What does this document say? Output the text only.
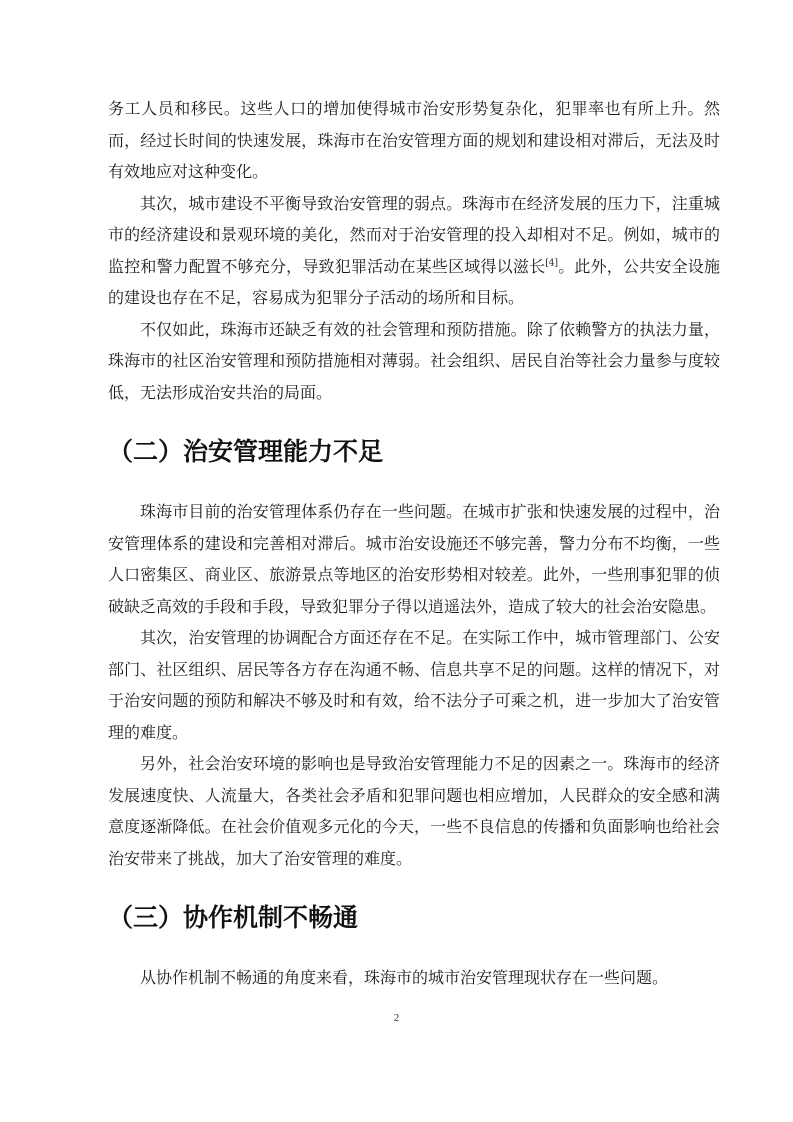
务工人员和移民。这些人口的增加使得城市治安形势复杂化，犯罪率也有所上升。然而，经过长时间的快速发展，珠海市在治安管理方面的规划和建设相对滞后，无法及时有效地应对这种变化。

其次，城市建设不平衡导致治安管理的弱点。珠海市在经济发展的压力下，注重城市的经济建设和景观环境的美化，然而对于治安管理的投入却相对不足。例如，城市的监控和警力配置不够充分，导致犯罪活动在某些区域得以滋长[4]。此外，公共安全设施的建设也存在不足，容易成为犯罪分子活动的场所和目标。

不仅如此，珠海市还缺乏有效的社会管理和预防措施。除了依赖警方的执法力量，珠海市的社区治安管理和预防措施相对薄弱。社会组织、居民自治等社会力量参与度较低，无法形成治安共治的局面。

（二）治安管理能力不足

珠海市目前的治安管理体系仍存在一些问题。在城市扩张和快速发展的过程中，治安管理体系的建设和完善相对滞后。城市治安设施还不够完善，警力分布不均衡，一些人口密集区、商业区、旅游景点等地区的治安形势相对较差。此外，一些刑事犯罪的侦破缺乏高效的手段和手段，导致犯罪分子得以逍遥法外，造成了较大的社会治安隐患。

其次，治安管理的协调配合方面还存在不足。在实际工作中，城市管理部门、公安部门、社区组织、居民等各方存在沟通不畅、信息共享不足的问题。这样的情况下，对于治安问题的预防和解决不够及时和有效，给不法分子可乘之机，进一步加大了治安管理的难度。

另外，社会治安环境的影响也是导致治安管理能力不足的因素之一。珠海市的经济发展速度快、人流量大，各类社会矛盾和犯罪问题也相应增加，人民群众的安全感和满意度逐渐降低。在社会价值观多元化的今天，一些不良信息的传播和负面影响也给社会治安带来了挑战，加大了治安管理的难度。

（三）协作机制不畅通

从协作机制不畅通的角度来看，珠海市的城市治安管理现状存在一些问题。

2
